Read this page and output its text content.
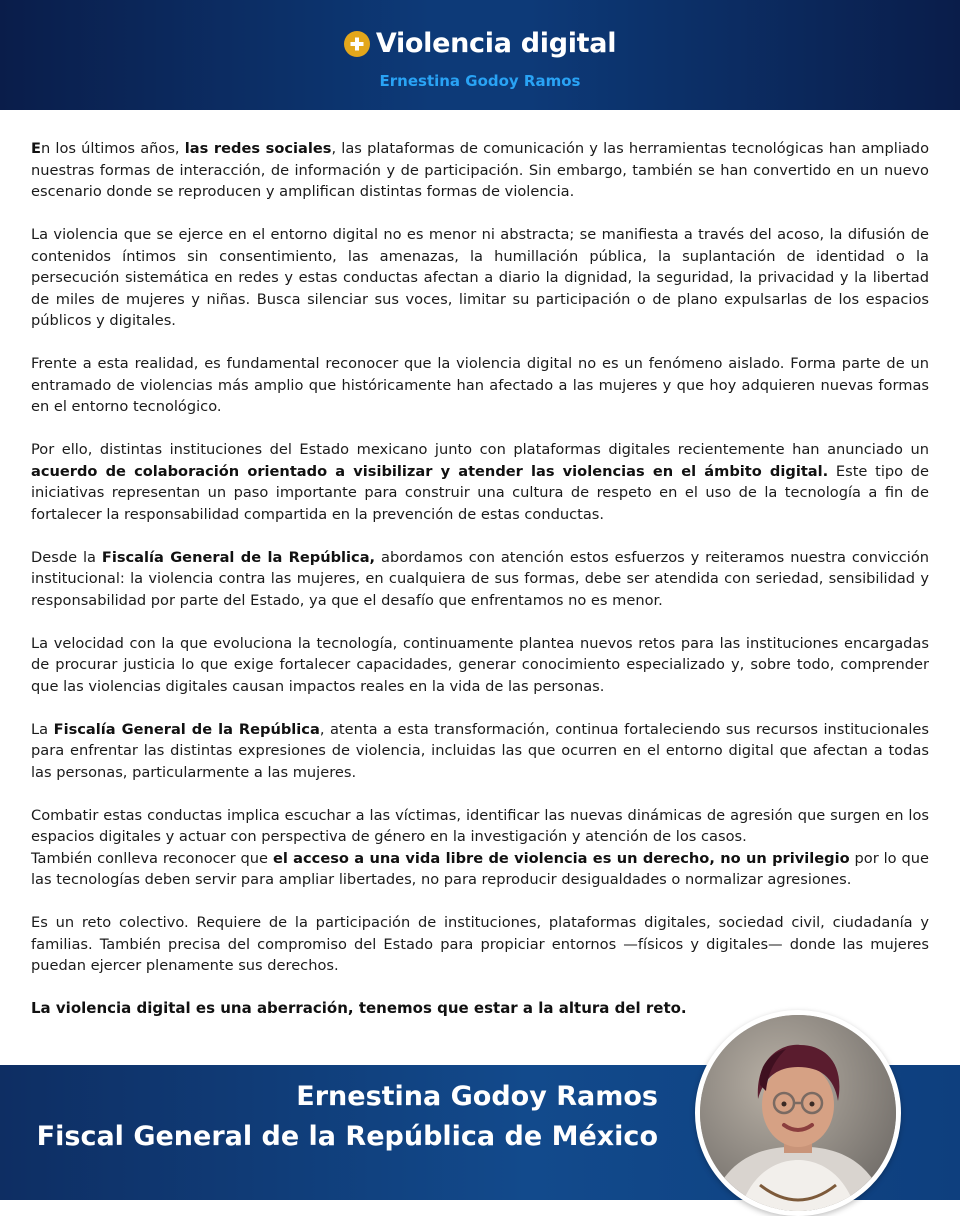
Violencia digital
Ernestina Godoy Ramos

En los últimos años, las redes sociales, las plataformas de comunicación y las herramientas tecnológicas han ampliado nuestras formas de interacción, de información y de participación. Sin embargo, también se han convertido en un nuevo escenario donde se reproducen y amplifican distintas formas de violencia.

La violencia que se ejerce en el entorno digital no es menor ni abstracta; se manifiesta a través del acoso, la difusión de contenidos íntimos sin consentimiento, las amenazas, la humillación pública, la suplantación de identidad o la persecución sistemática en redes y estas conductas afectan a diario la dignidad, la seguridad, la privacidad y la libertad de miles de mujeres y niñas. Busca silenciar sus voces, limitar su participación o de plano expulsarlas de los espacios públicos y digitales.

Frente a esta realidad, es fundamental reconocer que la violencia digital no es un fenómeno aislado. Forma parte de un entramado de violencias más amplio que históricamente han afectado a las mujeres y que hoy adquieren nuevas formas en el entorno tecnológico.

Por ello, distintas instituciones del Estado mexicano junto con plataformas digitales recientemente han anunciado un acuerdo de colaboración orientado a visibilizar y atender las violencias en el ámbito digital. Este tipo de iniciativas representan un paso importante para construir una cultura de respeto en el uso de la tecnología a fin de fortalecer la responsabilidad compartida en la prevención de estas conductas.

Desde la Fiscalía General de la República, abordamos con atención estos esfuerzos y reiteramos nuestra convicción institucional: la violencia contra las mujeres, en cualquiera de sus formas, debe ser atendida con seriedad, sensibilidad y responsabilidad por parte del Estado, ya que el desafío que enfrentamos no es menor.

La velocidad con la que evoluciona la tecnología, continuamente plantea nuevos retos para las instituciones encargadas de procurar justicia lo que exige fortalecer capacidades, generar conocimiento especializado y, sobre todo, comprender que las violencias digitales causan impactos reales en la vida de las personas.

La Fiscalía General de la República, atenta a esta transformación, continua fortaleciendo sus recursos institucionales para enfrentar las distintas expresiones de violencia, incluidas las que ocurren en el entorno digital que afectan a todas las personas, particularmente a las mujeres.

Combatir estas conductas implica escuchar a las víctimas, identificar las nuevas dinámicas de agresión que surgen en los espacios digitales y actuar con perspectiva de género en la investigación y atención de los casos.

También conlleva reconocer que el acceso a una vida libre de violencia es un derecho, no un privilegio por lo que las tecnologías deben servir para ampliar libertades, no para reproducir desigualdades o normalizar agresiones.

Es un reto colectivo. Requiere de la participación de instituciones, plataformas digitales, sociedad civil, ciudadanía y familias. También precisa del compromiso del Estado para propiciar entornos —físicos y digitales— donde las mujeres puedan ejercer plenamente sus derechos.

La violencia digital es una aberración, tenemos que estar a la altura del reto.

Ernestina Godoy Ramos
Fiscal General de la República de México
